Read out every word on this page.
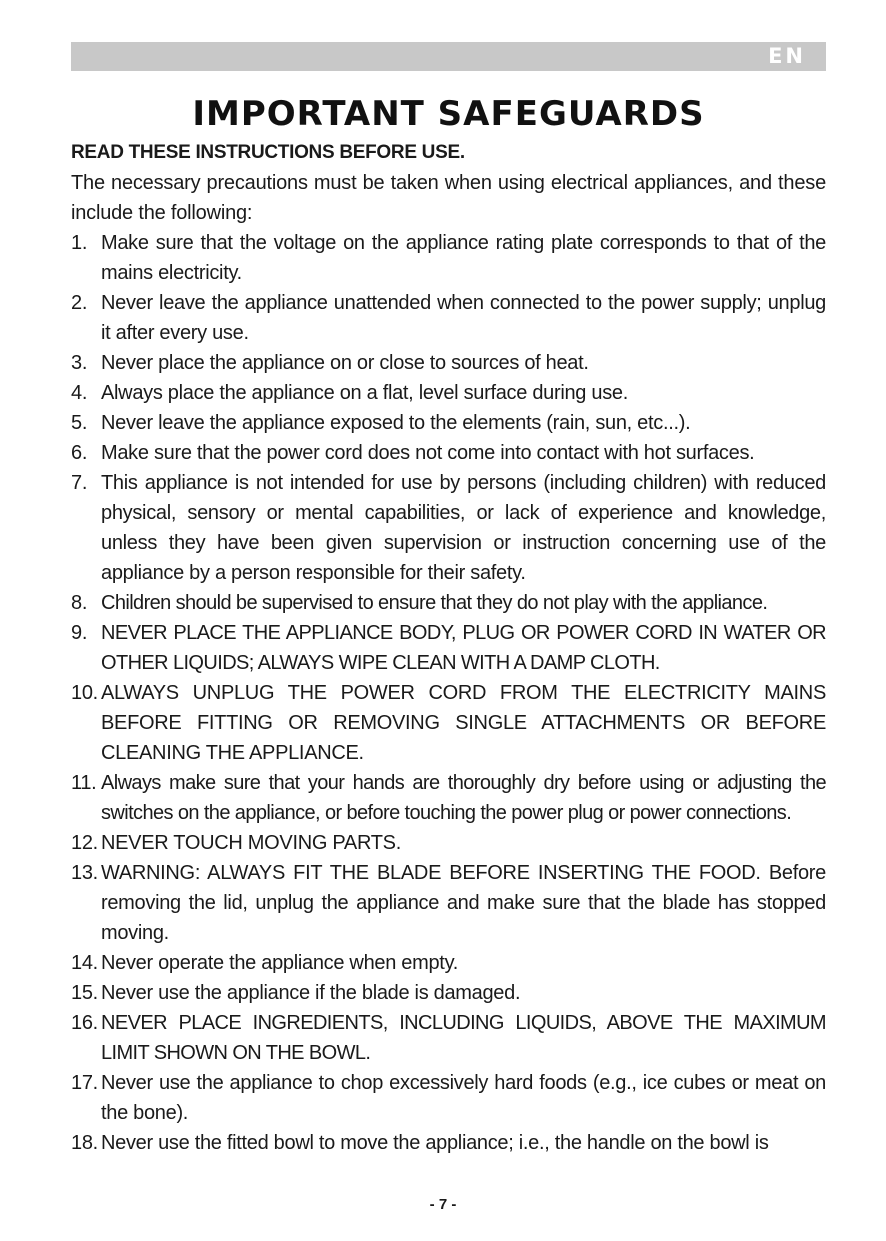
EN
IMPORTANT SAFEGUARDS
READ THESE INSTRUCTIONS BEFORE USE.
The necessary precautions must be taken when using electrical appliances, and these include the following:
1. Make sure that the voltage on the appliance rating plate corresponds to that of the mains electricity.
2. Never leave the appliance unattended when connected to the power supply; unplug it after every use.
3. Never place the appliance on or close to sources of heat.
4. Always place the appliance on a flat, level surface during use.
5. Never leave the appliance exposed to the elements (rain, sun, etc...).
6. Make sure that the power cord does not come into contact with hot surfaces.
7. This appliance is not intended for use by persons (including children) with reduced physical, sensory or mental capabilities, or lack of experience and knowledge, unless they have been given supervision or instruction concerning use of the appliance by a person responsible for their safety.
8. Children should be supervised to ensure that they do not play with the appliance.
9. NEVER PLACE THE APPLIANCE BODY, PLUG OR POWER CORD IN WATER OR OTHER LIQUIDS; ALWAYS WIPE CLEAN WITH A DAMP CLOTH.
10. ALWAYS UNPLUG THE POWER CORD FROM THE ELECTRICITY MAINS BEFORE FITTING OR REMOVING SINGLE ATTACHMENTS OR BEFORE CLEANING THE APPLIANCE.
11. Always make sure that your hands are thoroughly dry before using or adjusting the switches on the appliance, or before touching the power plug or power connections.
12. NEVER TOUCH MOVING PARTS.
13. WARNING: ALWAYS FIT THE BLADE BEFORE INSERTING THE FOOD. Before removing the lid, unplug the appliance and make sure that the blade has stopped moving.
14. Never operate the appliance when empty.
15. Never use the appliance if the blade is damaged.
16. NEVER PLACE INGREDIENTS, INCLUDING LIQUIDS, ABOVE THE MAXIMUM LIMIT SHOWN ON THE BOWL.
17. Never use the appliance to chop excessively hard foods (e.g., ice cubes or meat on the bone).
18. Never use the fitted bowl to move the appliance; i.e., the handle on the bowl is
- 7 -
